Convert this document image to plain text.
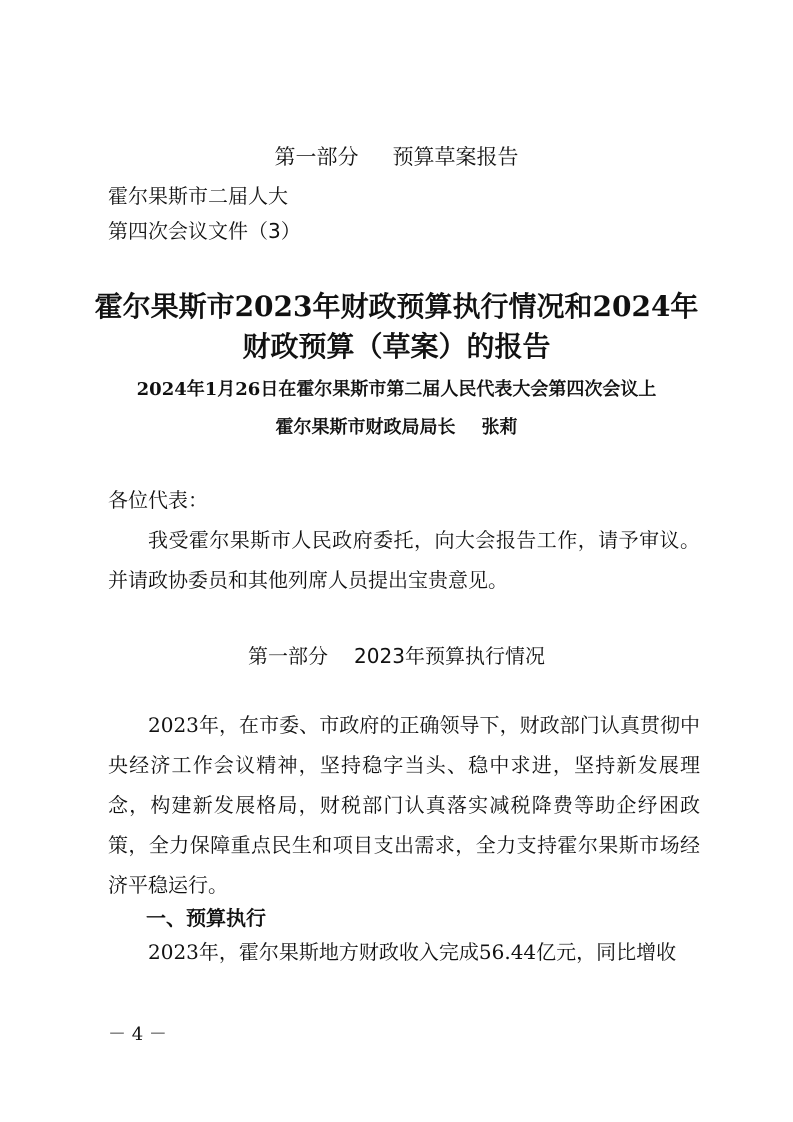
第一部分 预算草案报告
霍尔果斯市二届人大
第四次会议文件（3）
霍尔果斯市2023年财政预算执行情况和2024年
财政预算（草案）的报告
2024年1月26日在霍尔果斯市第二届人民代表大会第四次会议上
霍尔果斯市财政局局长 张莉

各位代表：

我受霍尔果斯市人民政府委托，向大会报告工作，请予审议。并请政协委员和其他列席人员提出宝贵意见。

第一部分 2023年预算执行情况

2023年，在市委、市政府的正确领导下，财政部门认真贯彻中央经济工作会议精神，坚持稳字当头、稳中求进，坚持新发展理念，构建新发展格局，财税部门认真落实减税降费等助企纾困政策，全力保障重点民生和项目支出需求，全力支持霍尔果斯市场经济平稳运行。

一、预算执行

2023年，霍尔果斯地方财政收入完成56.44亿元，同比增收

－ 4 －
